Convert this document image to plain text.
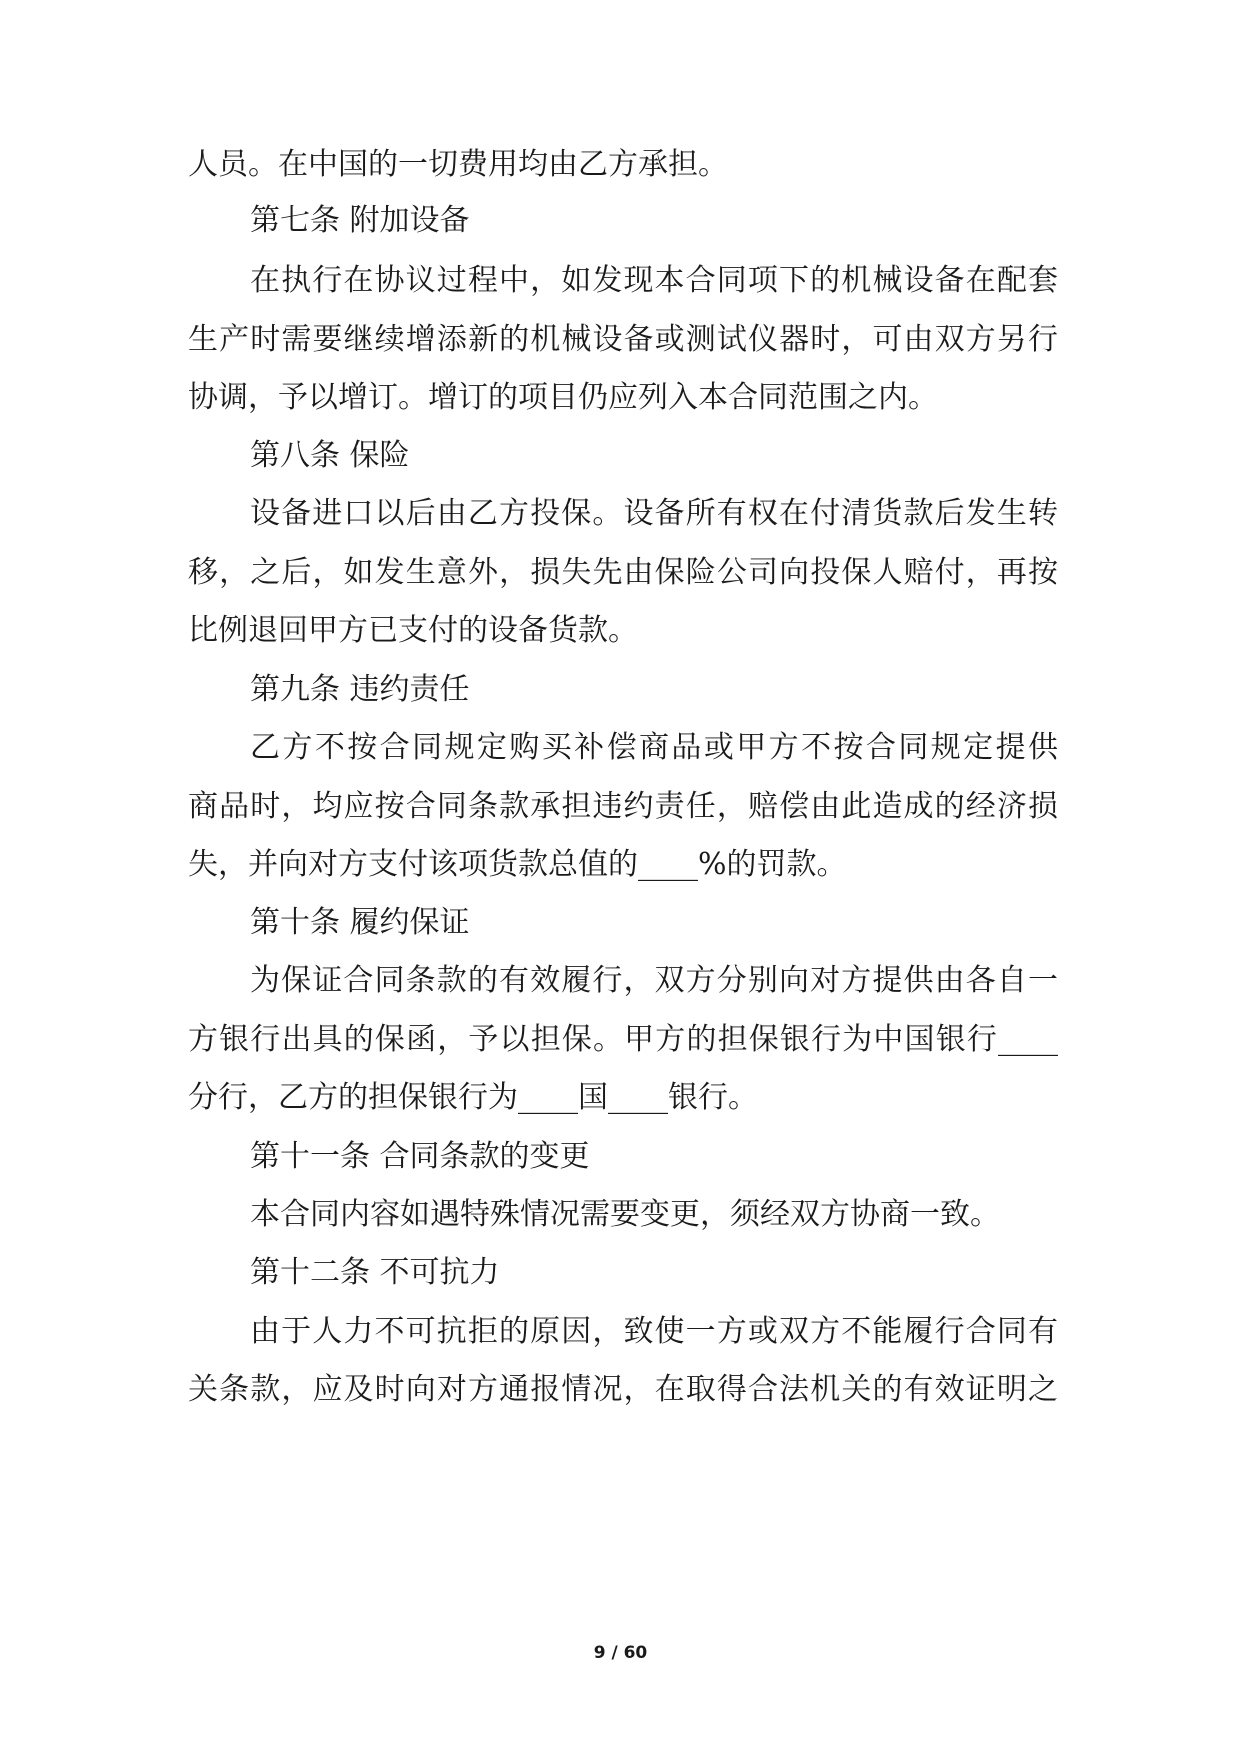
人员。在中国的一切费用均由乙方承担。
第七条 附加设备
在执行在协议过程中，如发现本合同项下的机械设备在配套
生产时需要继续增添新的机械设备或测试仪器时，可由双方另行
协调，予以增订。增订的项目仍应列入本合同范围之内。
第八条 保险
设备进口以后由乙方投保。设备所有权在付清货款后发生转
移，之后，如发生意外，损失先由保险公司向投保人赔付，再按
比例退回甲方已支付的设备货款。
第九条 违约责任
乙方不按合同规定购买补偿商品或甲方不按合同规定提供
商品时，均应按合同条款承担违约责任，赔偿由此造成的经济损
失，并向对方支付该项货款总值的____%的罚款。
第十条 履约保证
为保证合同条款的有效履行，双方分别向对方提供由各自一
方银行出具的保函，予以担保。甲方的担保银行为中国银行____
分行，乙方的担保银行为____国____银行。
第十一条 合同条款的变更
本合同内容如遇特殊情况需要变更，须经双方协商一致。
第十二条 不可抗力
由于人力不可抗拒的原因，致使一方或双方不能履行合同有
关条款，应及时向对方通报情况，在取得合法机关的有效证明之
9 / 60
